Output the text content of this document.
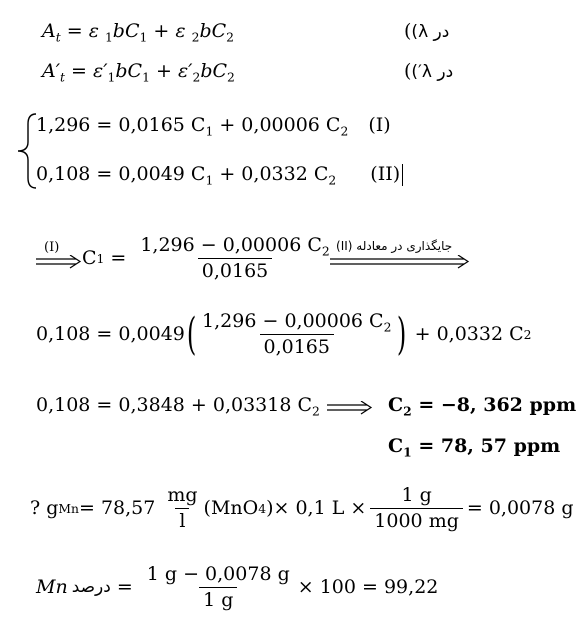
$A_t = \varepsilon$ $_1bC_1 + \varepsilon$ $_2bC_2$	(در λ)
$A'_t = \varepsilon'_1bC_1 + \varepsilon'_2bC_2$	(در λ′)
1,296 = 0,0165 $C_1 + 0,00006$ $C_2$ (I)
0,108 = 0,0049 $C_1 + 0,0332$ $C_2$ (II)
(I) C $1 = \frac{1,296 - 0,00006 C_2}{0,0165}$ جایگذاری در معادله (II)
0,108 = 0,0049 ( $\frac{1,296 - 0,00006 C_2}{0,0165}$ ) + 0,0332 C 2
0,108 = 0,3848 + 0,03318 $C_2$	$C_2 = -8$, 362 ppm
$C_1 = 78$, 57 ppm
? g $Mn = 78,57 \frac{mg}{l} (MnO$ 4 ) × 0,1 $L \times \frac{1 g}{1000 mg} = 0,0078$ g
Mn درصد = $\frac{1 g - 0,0078 g}{1 g} \times 100 = 99,22$
